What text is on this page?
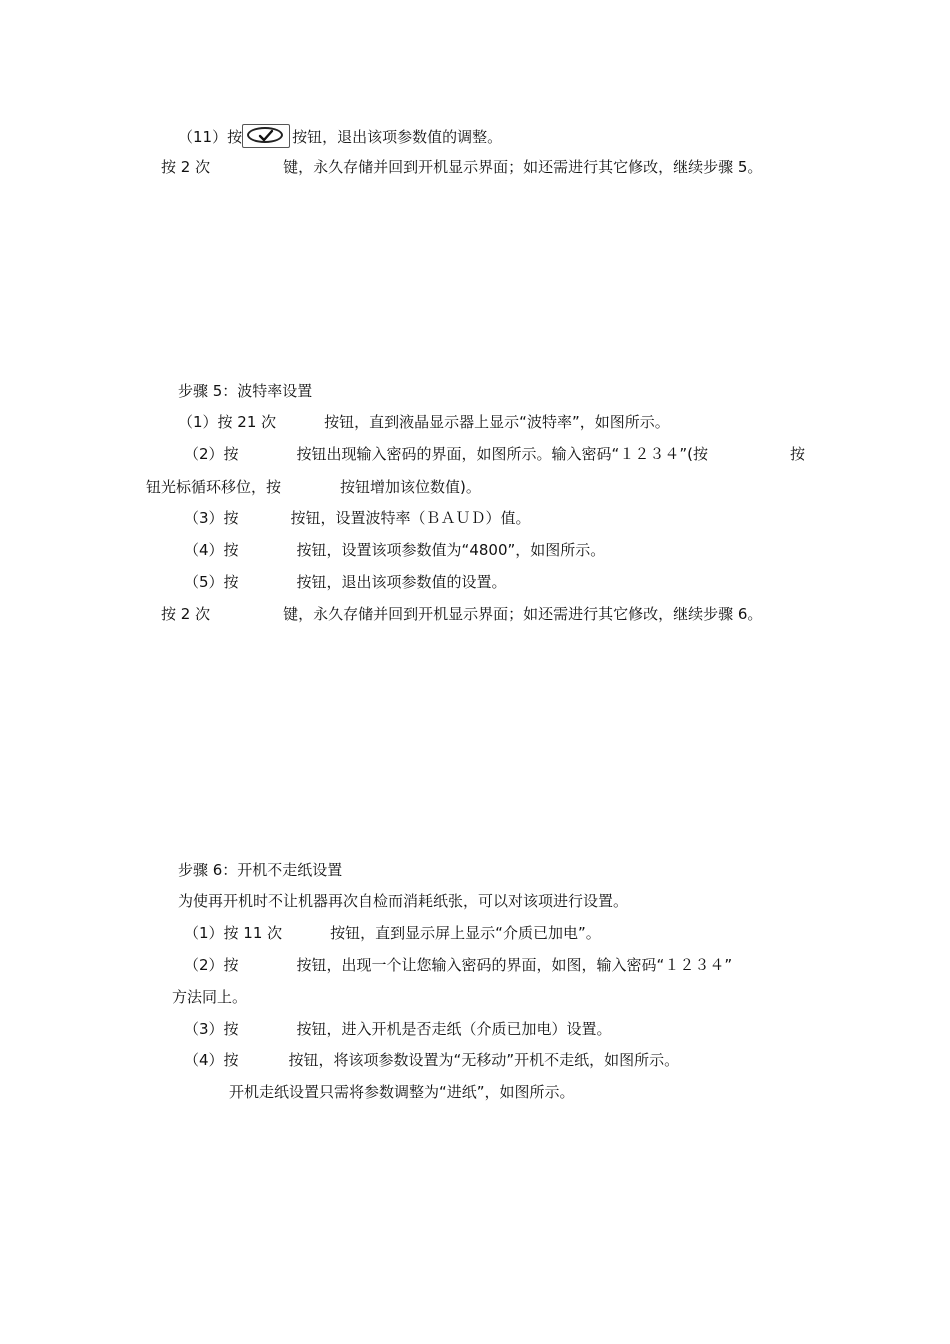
（11）按	按钮，退出该项参数值的调整。
按 2 次	键，永久存储并回到开机显示界面；如还需进行其它修改，继续步骤 5。
步骤 5：波特率设置
（1）按 21 次	按钮，直到液晶显示器上显示“波特率”，如图所示。
（2）按	按钮出现输入密码的界面，如图所示。输入密码“１２３４”(按	按
钮光标循环移位，按	按钮增加该位数值)。
（3）按	按钮，设置波特率（ＢＡＵＤ）值。
（4）按	按钮，设置该项参数值为“4800”，如图所示。
（5）按	按钮，退出该项参数值的设置。
按 2 次	键，永久存储并回到开机显示界面；如还需进行其它修改，继续步骤 6。
步骤 6：开机不走纸设置
为使再开机时不让机器再次自检而消耗纸张，可以对该项进行设置。
（1）按 11 次	按钮，直到显示屏上显示“介质已加电”。
（2）按	按钮，出现一个让您输入密码的界面，如图，输入密码“１２３４”
方法同上。
（3）按	按钮，进入开机是否走纸（介质已加电）设置。
（4）按	按钮，将该项参数设置为“无移动”开机不走纸，如图所示。
开机走纸设置只需将参数调整为“进纸”，如图所示。
